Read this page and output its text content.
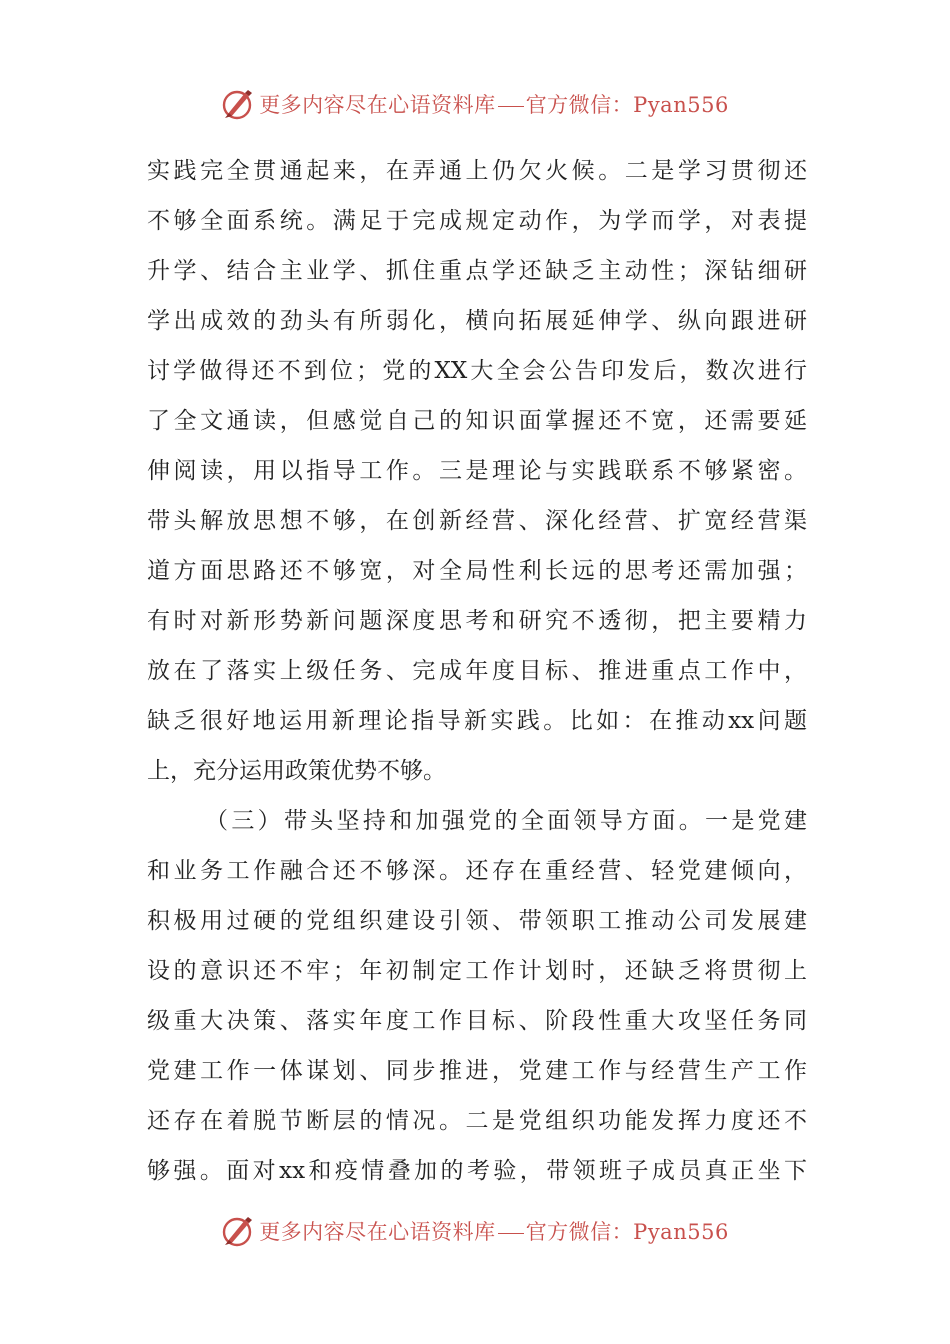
更多内容尽在心语资料库 官方微信：Pyan556
实践完全贯通起来，在弄通上仍欠火候。二是学习贯彻还
不够全面系统。满足于完成规定动作，为学而学，对表提
升学、结合主业学、抓住重点学还缺乏主动性；深钻细研
学出成效的劲头有所弱化，横向拓展延伸学、纵向跟进研
讨学做得还不到位；党的XX大全会公告印发后，数次进行
了全文通读，但感觉自己的知识面掌握还不宽，还需要延
伸阅读，用以指导工作。三是理论与实践联系不够紧密。
带头解放思想不够，在创新经营、深化经营、扩宽经营渠
道方面思路还不够宽，对全局性利长远的思考还需加强；
有时对新形势新问题深度思考和研究不透彻，把主要精力
放在了落实上级任务、完成年度目标、推进重点工作中，
缺乏很好地运用新理论指导新实践。比如：在推动xx问题
上，充分运用政策优势不够。
（三）带头坚持和加强党的全面领导方面。一是党建
和业务工作融合还不够深。还存在重经营、轻党建倾向，
积极用过硬的党组织建设引领、带领职工推动公司发展建
设的意识还不牢；年初制定工作计划时，还缺乏将贯彻上
级重大决策、落实年度工作目标、阶段性重大攻坚任务同
党建工作一体谋划、同步推进，党建工作与经营生产工作
还存在着脱节断层的情况。二是党组织功能发挥力度还不
够强。面对xx和疫情叠加的考验，带领班子成员真正坐下
更多内容尽在心语资料库 官方微信：Pyan556
